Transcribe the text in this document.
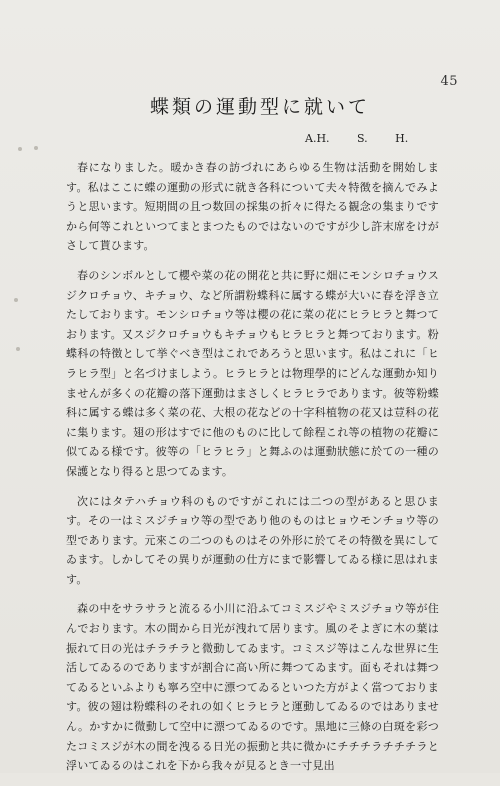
45
蝶類の運動型に就いて
A.H. S. H.

春になりました。暖かき春の訪づれにあらゆる生物は活動を開始します。私はここに蝶の運動の形式に就き各科について夫々特徴を摘んでみようと思います。短期間の且つ数回の採集の折々に得たる観念の集まりですから何等これといつてまとまつたものではないのですが少し許末席をけがさして貰ひます。

春のシンボルとして櫻や菜の花の開花と共に野に畑にモンシロチョウスジクロチョウ、キチョウ、など所謂粉蝶科に属する蝶が大いに春を浮き立たしております。モンシロチョウ等は櫻の花に菜の花にヒラヒラと舞つております。又スジクロチョウもキチョウもヒラヒラと舞つております。粉蝶科の特徴として挙ぐべき型はこれであろうと思います。私はこれに「ヒラヒラ型」と名づけましよう。ヒラヒラとは物理學的にどんな運動か知りませんが多くの花瓣の落下運動はまさしくヒラヒラであります。彼等粉蝶科に属する蝶は多く菜の花、大根の花などの十字科植物の花又は荳科の花に集ります。翅の形はすでに他のものに比して餘程これ等の植物の花瓣に似てゐる様です。彼等の「ヒラヒラ」と舞ふのは運動狀態に於ての一種の保護となり得ると思つてゐます。

次にはタテハチョウ科のものですがこれには二つの型があると思ひます。その一はミスジチョウ等の型であり他のものはヒョウモンチョウ等の型であります。元來この二つのものはその外形に於てその特徴を異にしてゐます。しかしてその異りが運動の仕方にまで影響してゐる様に思はれます。

森の中をサラサラと流るる小川に沿ふてコミスジやミスジチョウ等が住んでおります。木の間から日光が洩れて居ります。風のそよぎに木の葉は振れて日の光はチラチラと微動してゐます。コミスジ等はこんな世界に生活してゐるのでありますが割合に高い所に舞つてゐます。面もそれは舞つてゐるといふよりも寧ろ空中に漂つてゐるといつた方がよく當つております。彼の翅は粉蝶科のそれの如くヒラヒラと運動してゐるのではありません。かすかに微動して空中に漂つてゐるのです。黒地に三條の白斑を彩つたコミスジが木の間を洩るる日光の振動と共に微かにチチチラチチチラと浮いてゐるのはこれを下から我々が見るとき一寸見出
